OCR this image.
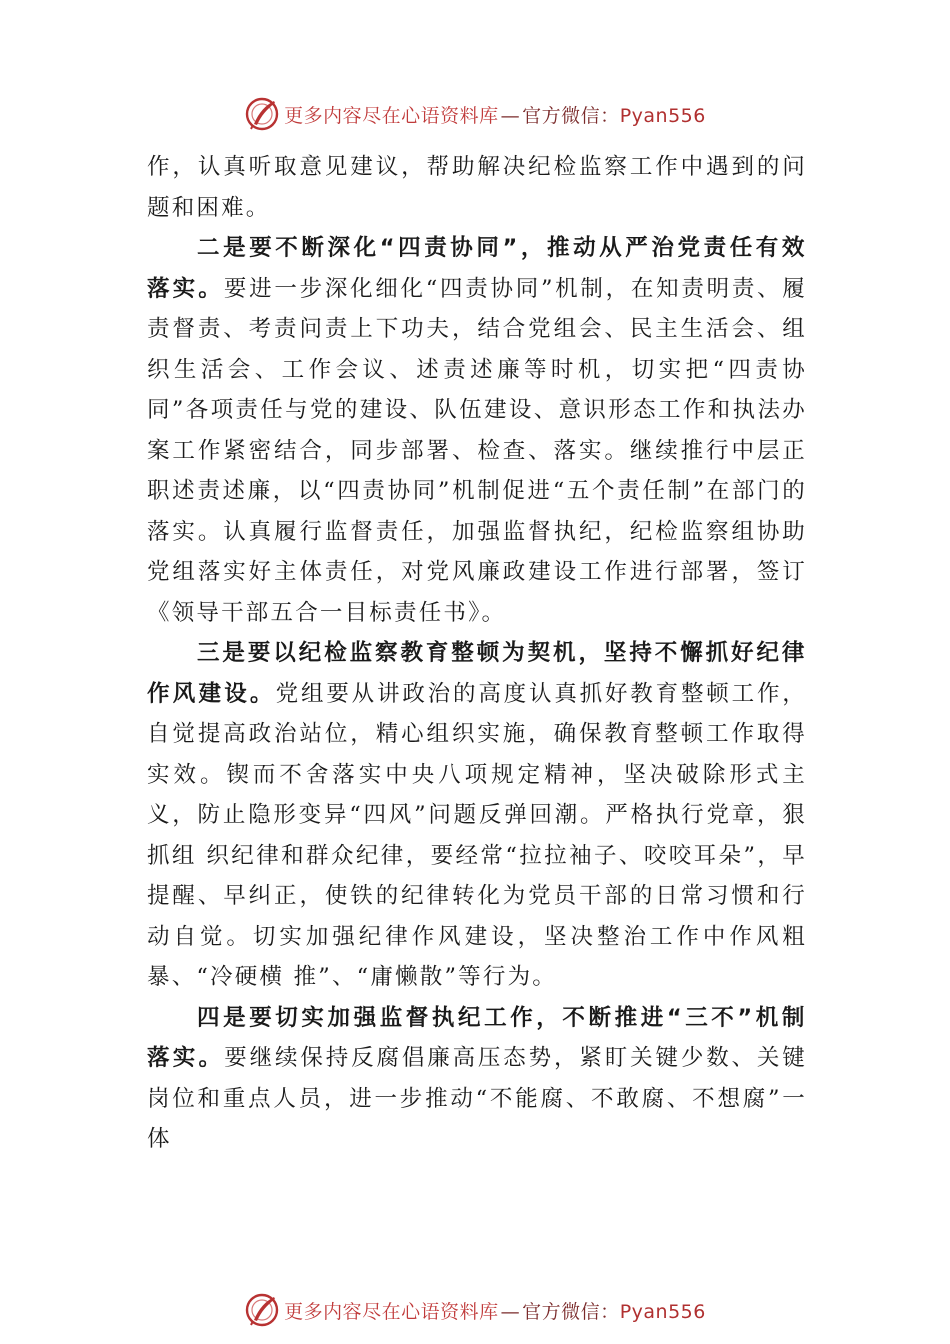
更多内容尽在心语资料库 — 官方微信：Pyan556

作，认真听取意见建议，帮助解决纪检监察工作中遇到的问题和困难。

二是要不断深化“四责协同”，推动从严治党责任有效落实。要进一步深化细化“四责协同”机制，在知责明责、履责督责、考责问责上下功夫，结合党组会、民主生活会、组织生活会、工作会议、述责述廉等时机，切实把“四责协同”各项责任与党的建设、队伍建设、意识形态工作和执法办案工作紧密结合，同步部署、检查、落实。继续推行中层正职述责述廉，以“四责协同”机制促进“五个责任制”在部门的落实。认真履行监督责任，加强监督执纪，纪检监察组协助党组落实好主体责任，对党风廉政建设工作进行部署，签订《领导干部五合一目标责任书》。

三是要以纪检监察教育整顿为契机，坚持不懈抓好纪律作风建设。党组要从讲政治的高度认真抓好教育整顿工作，自觉提高政治站位，精心组织实施，确保教育整顿工作取得实效。锲而不舍落实中央八项规定精神，坚决破除形式主义，防止隐形变异“四风”问题反弹回潮。严格执行党章，狠抓组 织纪律和群众纪律，要经常“拉拉袖子、咬咬耳朵”，早提醒、早纠正，使铁的纪律转化为党员干部的日常习惯和行动自觉。切实加强纪律作风建设，坚决整治工作中作风粗暴、“冷硬横 推”、“庸懒散”等行为。

四是要切实加强监督执纪工作，不断推进“三不”机制落实。要继续保持反腐倡廉高压态势，紧盯关键少数、关键岗位和重点人员，进一步推动“不能腐、不敢腐、不想腐”一体

更多内容尽在心语资料库 — 官方微信：Pyan556
